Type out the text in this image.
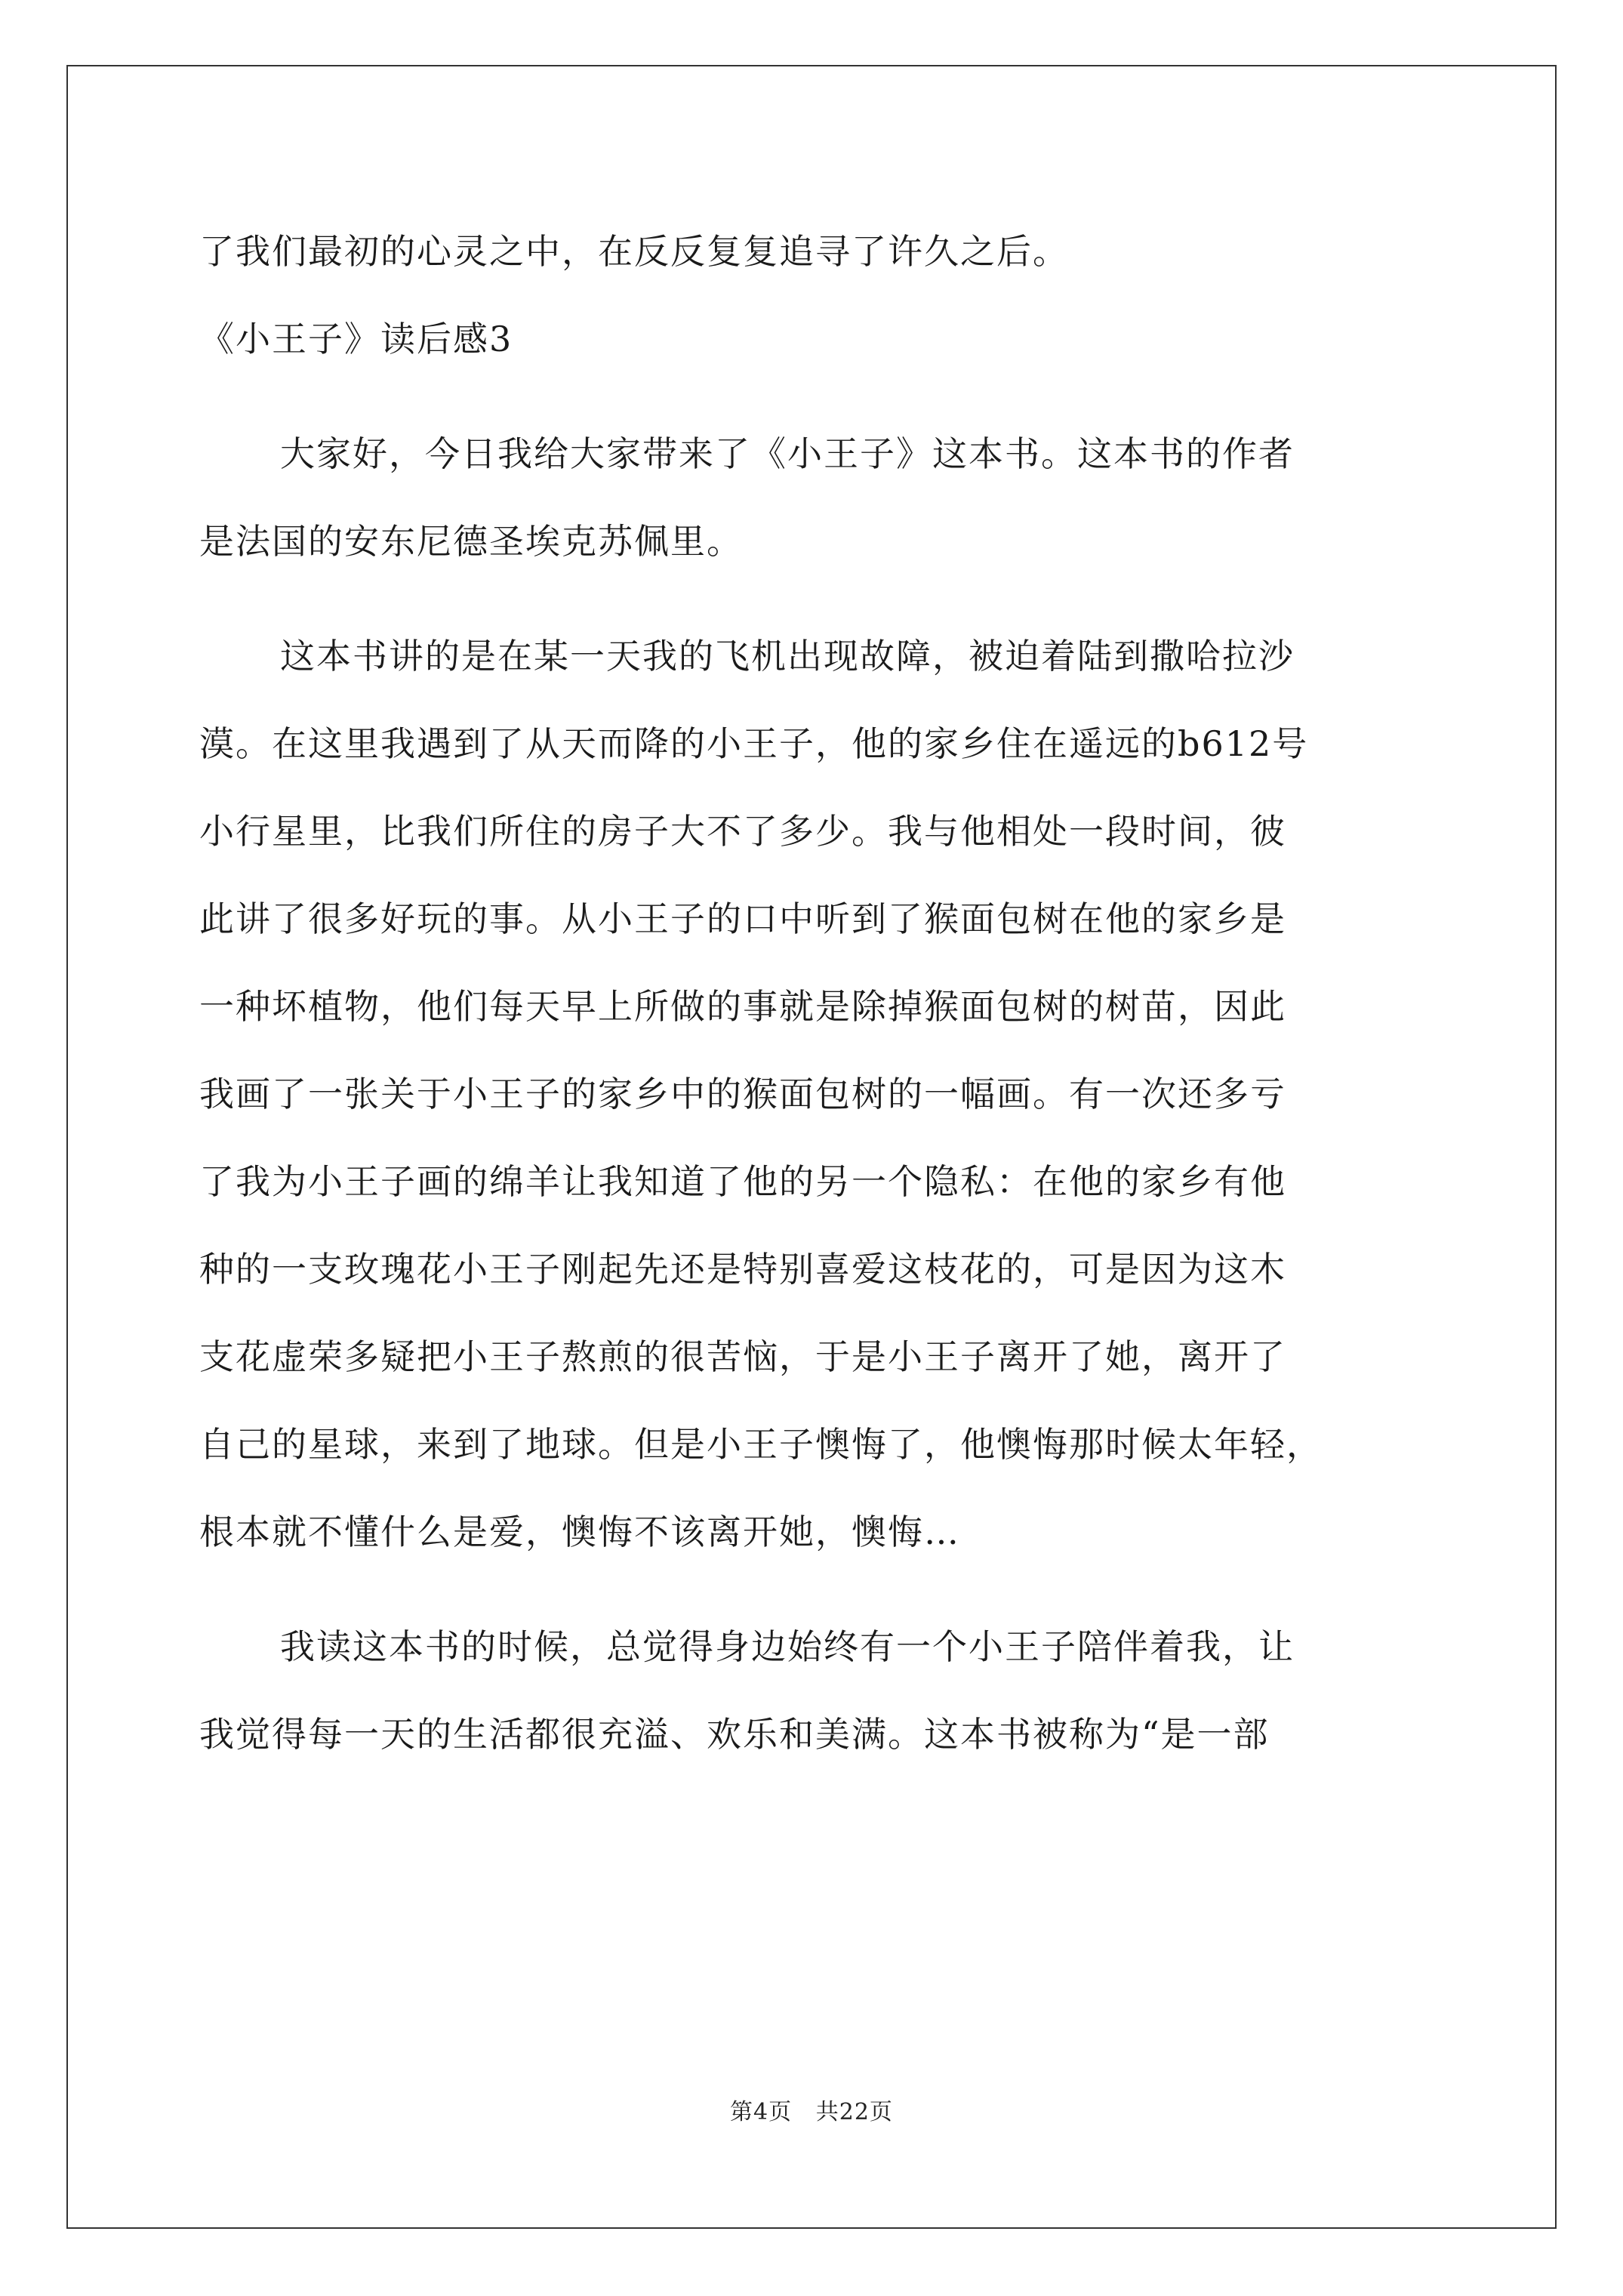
了我们最初的心灵之中，在反反复复追寻了许久之后。
《小王子》读后感3
大家好，今日我给大家带来了《小王子》这本书。这本书的作者
是法国的安东尼德圣埃克苏佩里。
这本书讲的是在某一天我的飞机出现故障，被迫着陆到撒哈拉沙
漠。在这里我遇到了从天而降的小王子，他的家乡住在遥远的b612号
小行星里，比我们所住的房子大不了多少。我与他相处一段时间，彼
此讲了很多好玩的事。从小王子的口中听到了猴面包树在他的家乡是
一种坏植物，他们每天早上所做的事就是除掉猴面包树的树苗，因此
我画了一张关于小王子的家乡中的猴面包树的一幅画。有一次还多亏
了我为小王子画的绵羊让我知道了他的另一个隐私：在他的家乡有他
种的一支玫瑰花小王子刚起先还是特别喜爱这枝花的，可是因为这木
支花虚荣多疑把小王子熬煎的很苦恼，于是小王子离开了她，离开了
自己的星球，来到了地球。但是小王子懊悔了，他懊悔那时候太年轻，
根本就不懂什么是爱，懊悔不该离开她，懊悔…
我读这本书的时候，总觉得身边始终有一个小王子陪伴着我，让
我觉得每一天的生活都很充溢、欢乐和美满。这本书被称为“是一部
第4页 共22页
